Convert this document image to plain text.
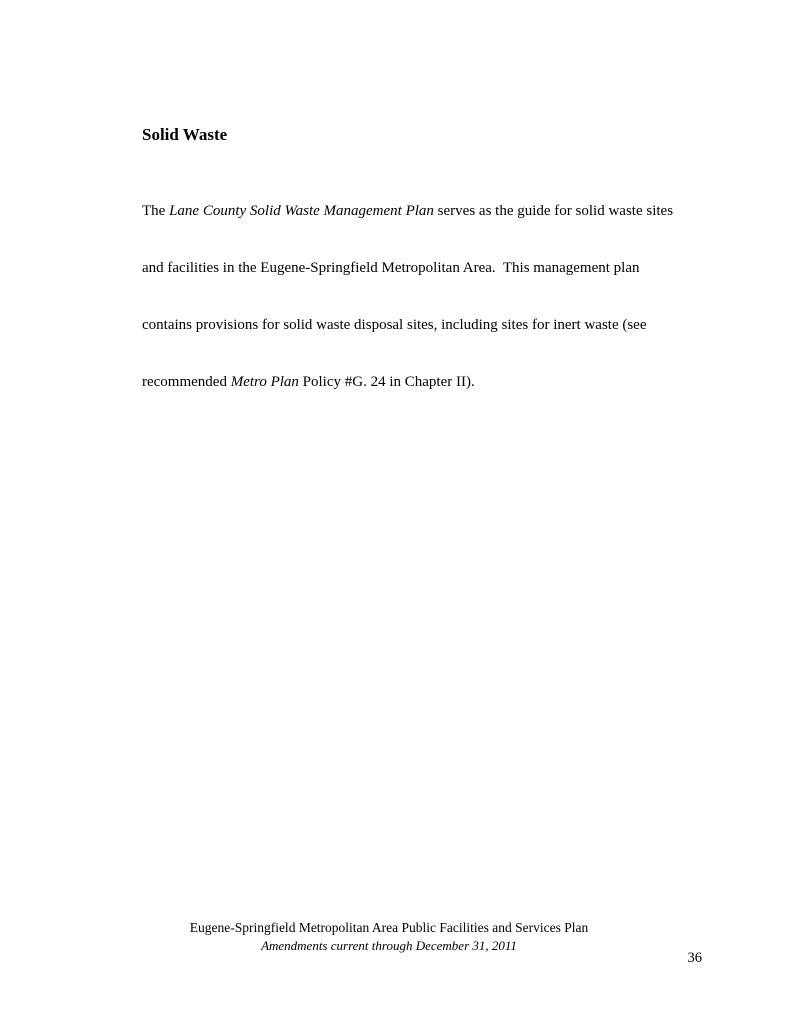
Solid Waste

The Lane County Solid Waste Management Plan serves as the guide for solid waste sites

and facilities in the Eugene-Springfield Metropolitan Area.  This management plan

contains provisions for solid waste disposal sites, including sites for inert waste (see

recommended Metro Plan Policy #G. 24 in Chapter II).

Eugene-Springfield Metropolitan Area Public Facilities and Services Plan
Amendments current through December 31, 2011
36
